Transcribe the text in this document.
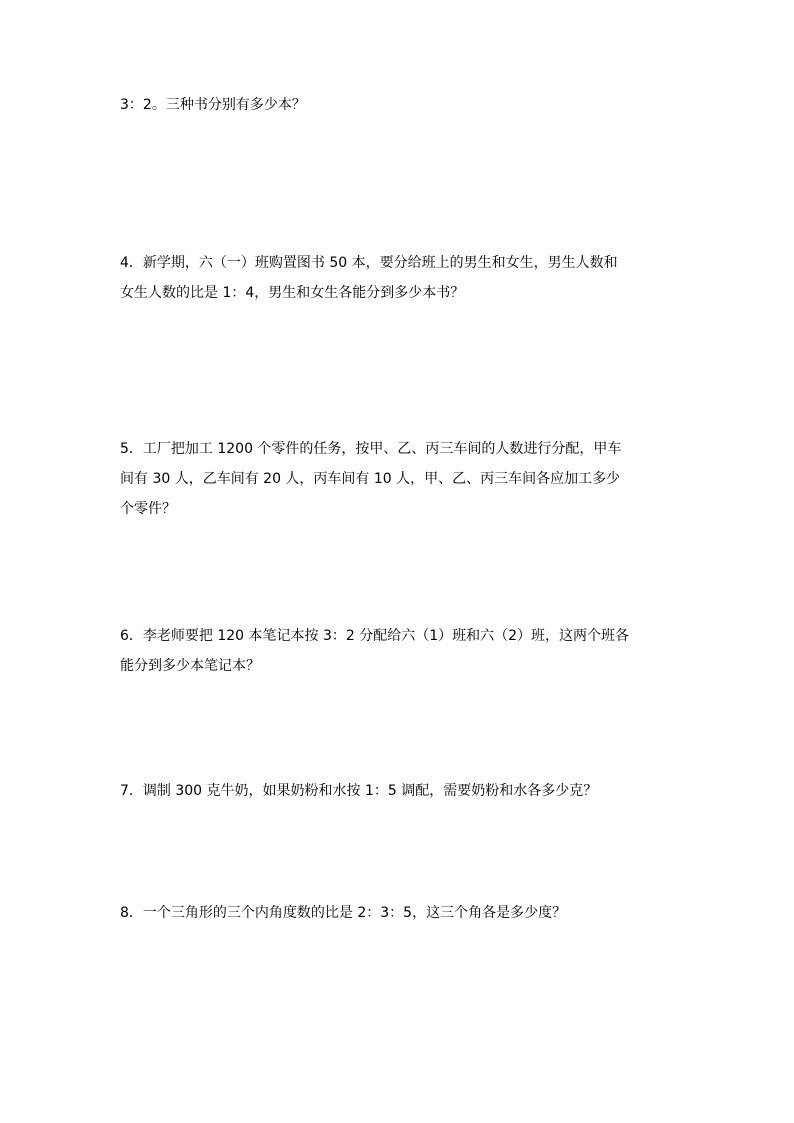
3：2。三种书分别有多少本？
4．新学期，六（一）班购置图书 50 本，要分给班上的男生和女生，男生人数和
女生人数的比是 1：4，男生和女生各能分到多少本书？
5．工厂把加工 1200 个零件的任务，按甲、乙、丙三车间的人数进行分配，甲车
间有 30 人，乙车间有 20 人，丙车间有 10 人，甲、乙、丙三车间各应加工多少
个零件？
6．李老师要把 120 本笔记本按 3：2 分配给六（1）班和六（2）班，这两个班各
能分到多少本笔记本？
7．调制 300 克牛奶，如果奶粉和水按 1：5 调配，需要奶粉和水各多少克？
8．一个三角形的三个内角度数的比是 2：3：5，这三个角各是多少度？
